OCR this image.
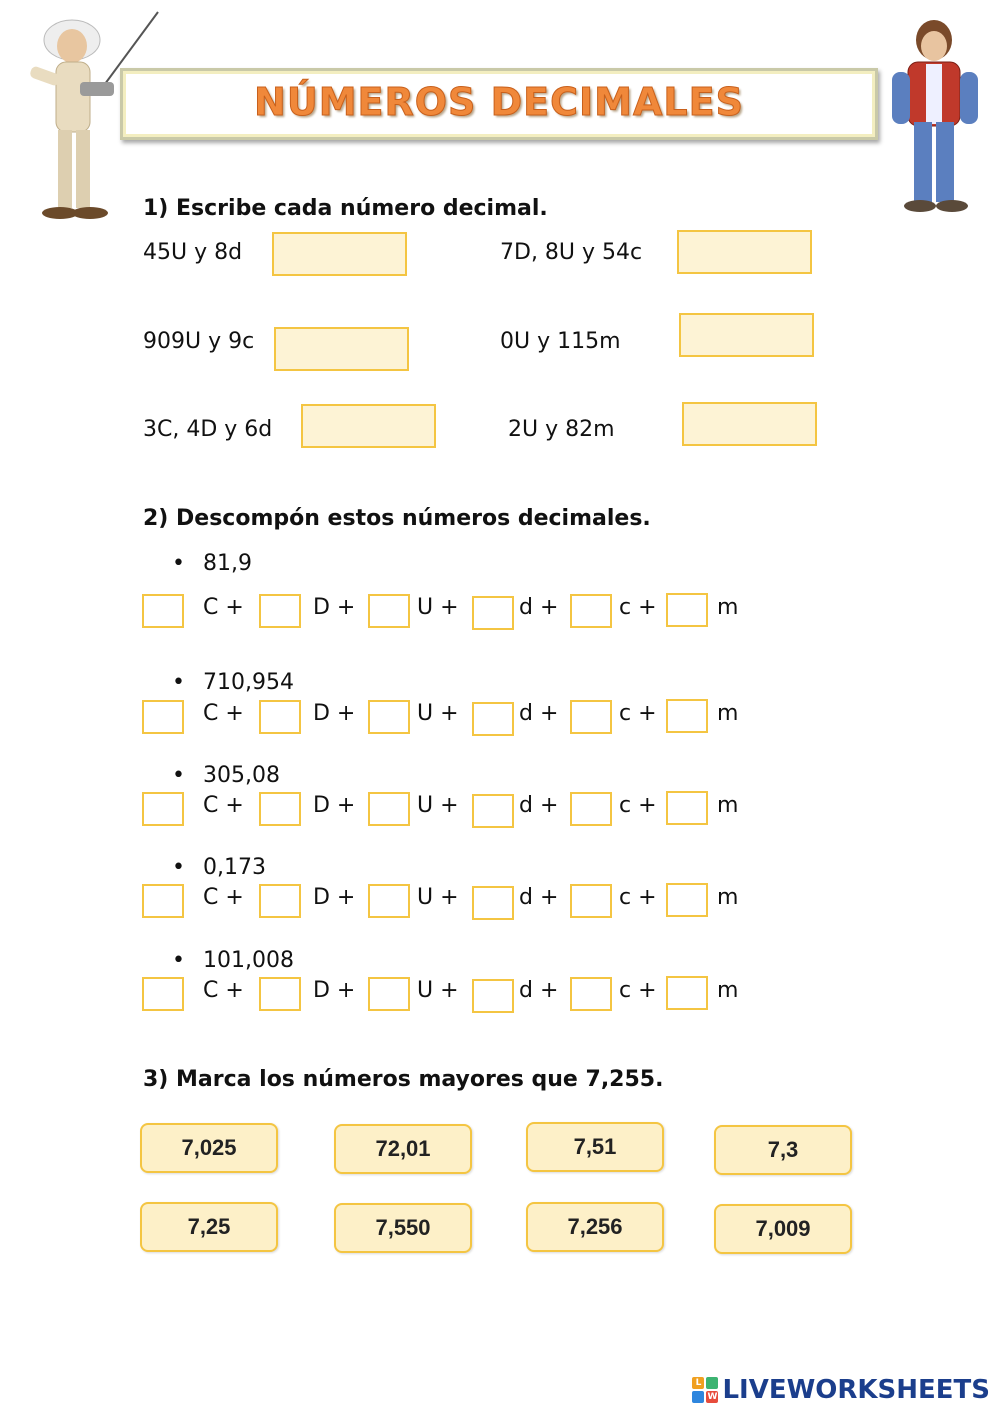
NÚMEROS DECIMALES
1) Escribe cada número decimal.
45U y 8d	7D, 8U y 54c
909U y 9c	0U y 115m
3C, 4D y 6d	2U y 82m
2) Descompón estos números decimales.
• 81,9
C +	D +	U +	d +	c +	m
• 710,954
C +	D +	U +	d +	c +	m
• 305,08
C +	D +	U +	d +	c +	m
• 0,173
C +	D +	U +	d +	c +	m
• 101,008
C +	D +	U +	d +	c +	m
3) Marca los números mayores que 7,255.
7,025	72,01	7,51	7,3
7,25	7,550	7,256	7,009
L
W LIVEWORKSHEETS
